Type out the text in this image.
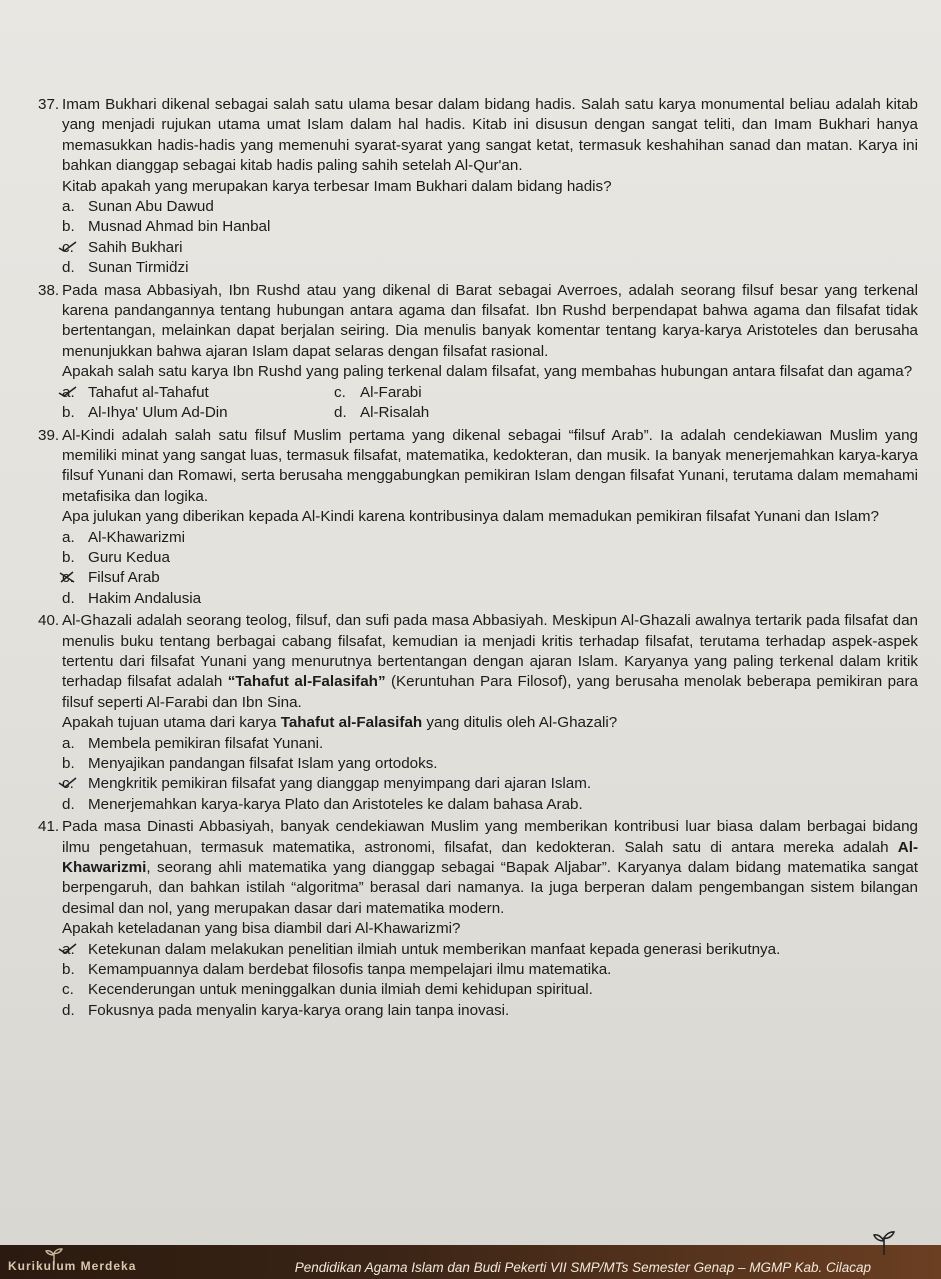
37. Imam Bukhari dikenal sebagai salah satu ulama besar dalam bidang hadis. Salah satu karya monumental beliau adalah kitab yang menjadi rujukan utama umat Islam dalam hal hadis. Kitab ini disusun dengan sangat teliti, dan Imam Bukhari hanya memasukkan hadis-hadis yang memenuhi syarat-syarat yang sangat ketat, termasuk keshahihan sanad dan matan. Karya ini bahkan dianggap sebagai kitab hadis paling sahih setelah Al-Qur'an.

Kitab apakah yang merupakan karya terbesar Imam Bukhari dalam bidang hadis?

a. Sunan Abu Dawud
b. Musnad Ahmad bin Hanbal
c. Sahih Bukhari
d. Sunan Tirmiḋzi
38. Pada masa Abbasiyah, Ibn Rushd atau yang dikenal di Barat sebagai Averroes, adalah seorang filsuf besar yang terkenal karena pandangannya tentang hubungan antara agama dan filsafat. Ibn Rushd berpendapat bahwa agama dan filsafat tidak bertentangan, melainkan dapat berjalan seiring. Dia menulis banyak komentar tentang karya-karya Aristoteles dan berusaha menunjukkan bahwa ajaran Islam dapat selaras dengan filsafat rasional.

Apakah salah satu karya Ibn Rushd yang paling terkenal dalam filsafat, yang membahas hubungan antara filsafat dan agama?

a. Tahafut al-Tahafut	c. Al-Farabi
b. Al-Ihya' Ulum Ad-Din	d. Al-Risalah
39. Al-Kindi adalah salah satu filsuf Muslim pertama yang dikenal sebagai “filsuf Arab”. Ia adalah cendekiawan Muslim yang memiliki minat yang sangat luas, termasuk filsafat, matematika, kedokteran, dan musik. Ia banyak menerjemahkan karya-karya filsuf Yunani dan Romawi, serta berusaha menggabungkan pemikiran Islam dengan filsafat Yunani, terutama dalam memahami metafisika dan logika.

Apa julukan yang diberikan kepada Al-Kindi karena kontribusinya dalam memadukan pemikiran filsafat Yunani dan Islam?

a. Al-Khawarizmi
b. Guru Kedua
c. Filsuf Arab
d. Hakim Andalusia
40. Al-Ghazali adalah seorang teolog, filsuf, dan sufi pada masa Abbasiyah. Meskipun Al-Ghazali awalnya tertarik pada filsafat dan menulis buku tentang berbagai cabang filsafat, kemudian ia menjadi kritis terhadap filsafat, terutama terhadap aspek-aspek tertentu dari filsafat Yunani yang menurutnya bertentangan dengan ajaran Islam. Karyanya yang paling terkenal dalam kritik terhadap filsafat adalah “Tahafut al-Falasifah” (Keruntuhan Para Filosof), yang berusaha menolak beberapa pemikiran para filsuf seperti Al-Farabi dan Ibn Sina.

Apakah tujuan utama dari karya Tahafut al-Falasifah yang ditulis oleh Al-Ghazali?

a. Membela pemikiran filsafat Yunani.
b. Menyajikan pandangan filsafat Islam yang ortodoks.
c. Mengkritik pemikiran filsafat yang dianggap menyimpang dari ajaran Islam.
d. Menerjemahkan karya-karya Plato dan Aristoteles ke dalam bahasa Arab.
41. Pada masa Dinasti Abbasiyah, banyak cendekiawan Muslim yang memberikan kontribusi luar biasa dalam berbagai bidang ilmu pengetahuan, termasuk matematika, astronomi, filsafat, dan kedokteran. Salah satu di antara mereka adalah Al-Khawarizmi, seorang ahli matematika yang dianggap sebagai “Bapak Aljabar”. Karyanya dalam bidang matematika sangat berpengaruh, dan bahkan istilah “algoritma” berasal dari namanya. Ia juga berperan dalam pengembangan sistem bilangan desimal dan nol, yang merupakan dasar dari matematika modern.

Apakah keteladanan yang bisa diambil dari Al-Khawarizmi?

a. Ketekunan dalam melakukan penelitian ilmiah untuk memberikan manfaat kepada generasi berikutnya.
b. Kemampuannya dalam berdebat filosofis tanpa mempelajari ilmu matematika.
c. Kecenderungan untuk meninggalkan dunia ilmiah demi kehidupan spiritual.
d. Fokusnya pada menyalin karya-karya orang lain tanpa inovasi.
Kurikulum Merdeka	Pendidikan Agama Islam dan Budi Pekerti VII SMP/MTs Semester Genap – MGMP Kab. Cilacap
